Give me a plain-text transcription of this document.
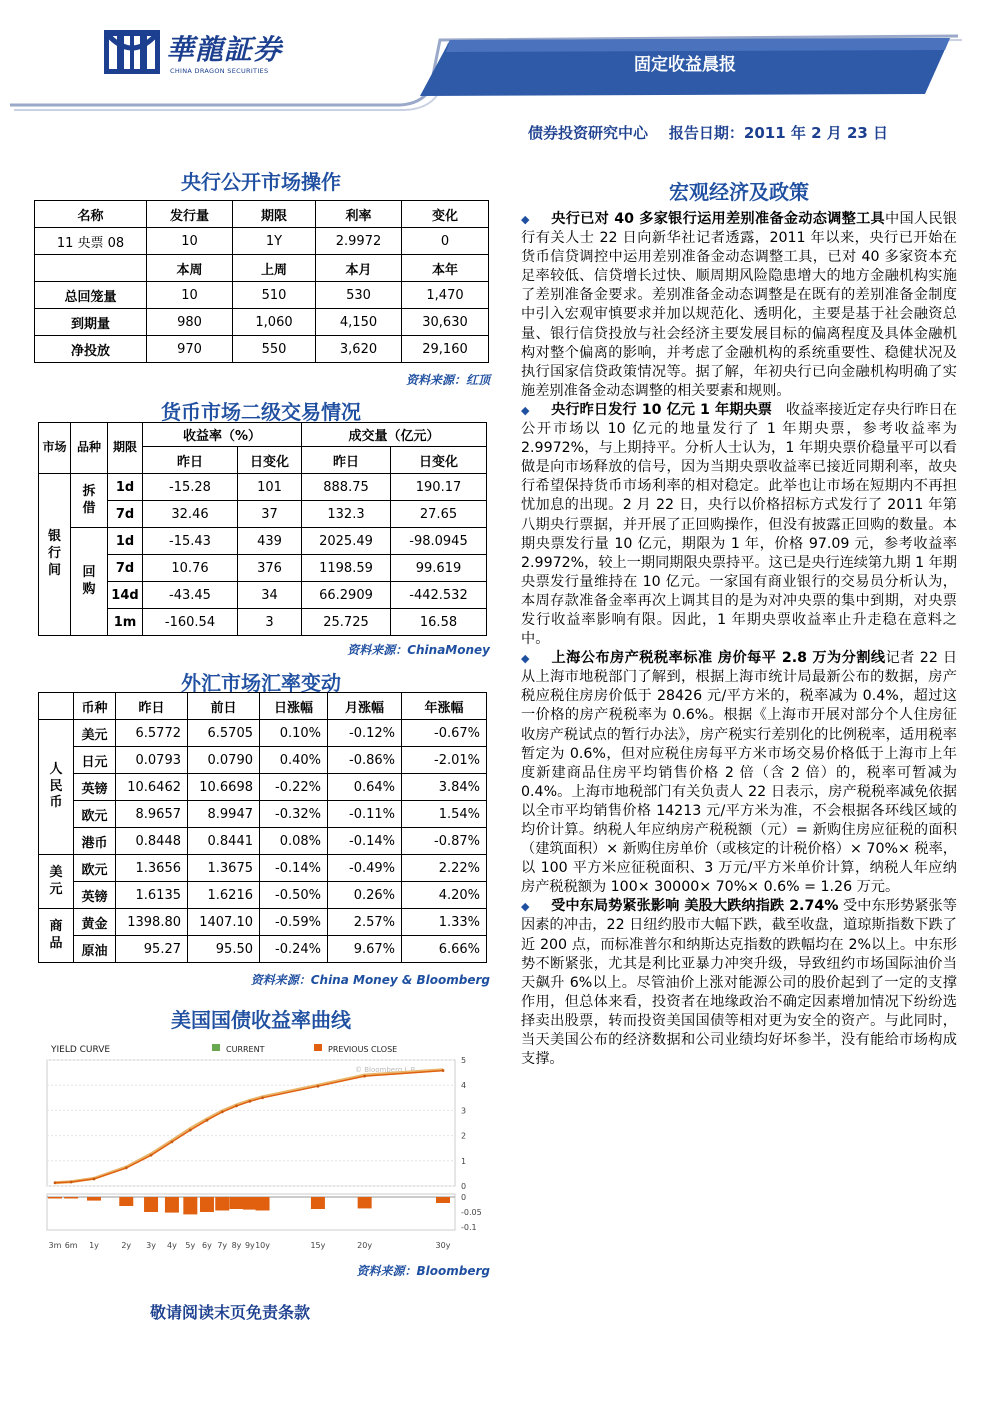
華龍証券
CHINA DRAGON SECURITIES	固定收益晨报
债券投资研究中心    报告日期：2011 年 2 月 23 日
央行公开市场操作
名称	发行量	期限	利率	变化
11 央票 08	10	1Y	2.9972	0
	本周	上周	本月	本年
总回笼量	10	510	530	1,470
到期量	980	1,060	4,150	30,630
净投放	970	550	3,620	29,160
资料来源：红顶
货币市场二级交易情况
市场	品种	期限	收益率（%）		成交量（亿元）	
			昨日	日变化	昨日	日变化

银行间	拆借	1d	-15.28	101	888.75	190.17
		7d	32.46	37	132.3	27.65

	回购	1d	-15.43	439	2025.49	-98.0945
		7d	10.76	376	1198.59	99.619
		14d	-43.45	34	66.2909	-442.532
		1m	-160.54	3	25.725	16.58
资料来源：ChinaMoney
外汇市场汇率变动
	币种	昨日	前日	日涨幅	月涨幅	年涨幅

人民币	美元	6.5772	6.5705	0.10%	-0.12%	-0.67%
	日元	0.0793	0.0790	0.40%	-0.86%	-2.01%
	英镑	10.6462	10.6698	-0.22%	0.64%	3.84%
	欧元	8.9657	8.9947	-0.32%	-0.11%	1.54%
	港币	0.8448	0.8441	0.08%	-0.14%	-0.87%

美元	欧元	1.3656	1.3675	-0.14%	-0.49%	2.22%
	英镑	1.6135	1.6216	-0.50%	0.26%	4.20%

商品	黄金	1398.80	1407.10	-0.59%	2.57%	1.33%
	原油	95.27	95.50	-0.24%	9.67%	6.66%
资料来源：China Money & Bloomberg
美国国债收益率曲线
YIELD CURVE	CURRENT	PREVIOUS CLOSE
0
1
2
3
4
5
© Bloomberg L.P.
0
-0.05
-0.1
3m 6m 1y	2y 3y 4y 5y 6y 7y 8y 9y 10y	15y	20y	30y
资料来源：Bloomberg
敬请阅读末页免责条款
宏观经济及政策

◆ 央行已对 40 多家银行运用差别准备金动态调整工具中国人民银行有关人士 22 日向新华社记者透露，2011 年以来，央行已开始在货币信贷调控中运用差别准备金动态调整工具，已对 40 多家资本充足率较低、信贷增长过快、顺周期风险隐患增大的地方金融机构实施了差别准备金要求。差别准备金动态调整是在既有的差别准备金制度中引入宏观审慎要求并加以规范化、透明化，主要是基于社会融资总量、银行信贷投放与社会经济主要发展目标的偏离程度及具体金融机构对整个偏离的影响，并考虑了金融机构的系统重要性、稳健状况及执行国家信贷政策情况等。据了解，年初央行已向金融机构明确了实施差别准备金动态调整的相关要素和规则。

◆ 央行昨日发行 10 亿元 1 年期央票 收益率接近定存央行昨日在公开市场以 10 亿元的地量发行了 1 年期央票，参考收益率为 2.9972%，与上期持平。分析人士认为，1 年期央票价稳量平可以看做是向市场释放的信号，因为当期央票收益率已接近同期利率，故央行希望保持货币市场利率的相对稳定。此举也让市场在短期内不再担忧加息的出现。2 月 22 日，央行以价格招标方式发行了 2011 年第八期央行票据，并开展了正回购操作，但没有披露正回购的数量。本期央票发行量 10 亿元，期限为 1 年，价格 97.09 元，参考收益率 2.9972%，较上一期同期限央票持平。这已是央行连续第九期 1 年期央票发行量维持在 10 亿元。一家国有商业银行的交易员分析认为，本周存款准备金率再次上调其目的是为对冲央票的集中到期，对央票发行收益率影响有限。因此，1 年期央票收益率止升走稳在意料之中。

◆ 上海公布房产税税率标准 房价每平 2.8 万为分割线记者 22 日从上海市地税部门了解到，根据上海市统计局最新公布的数据，房产税应税住房房价低于 28426 元/平方米的，税率减为 0.4%，超过这一价格的房产税税率为 0.6%。根据《上海市开展对部分个人住房征收房产税试点的暂行办法》，房产税实行差别化的比例税率，适用税率暂定为 0.6%，但对应税住房每平方米市场交易价格低于上海市上年度新建商品住房平均销售价格 2 倍（含 2 倍）的，税率可暂减为 0.4%。上海市地税部门有关负责人 22 日表示，房产税税率减免依据以全市平均销售价格 14213 元/平方米为准，不会根据各环线区域的均价计算。纳税人年应纳房产税税额（元）= 新购住房应征税的面积（建筑面积）× 新购住房单价（或核定的计税价格）× 70%× 税率，以 100 平方米应征税面积、3 万元/平方米单价计算，纳税人年应纳房产税税额为 100× 30000× 70%× 0.6% = 1.26 万元。

◆ 受中东局势紧张影响 美股大跌纳指跌 2.74% 受中东形势紧张等因素的冲击，22 日纽约股市大幅下跌，截至收盘，道琼斯指数下跌了近 200 点，而标准普尔和纳斯达克指数的跌幅均在 2%以上。中东形势不断紧张，尤其是利比亚暴力冲突升级，导致纽约市场国际油价当天飙升 6%以上。尽管油价上涨对能源公司的股价起到了一定的支撑作用，但总体来看，投资者在地缘政治不确定因素增加情况下纷纷选择卖出股票，转而投资美国国债等相对更为安全的资产。与此同时，当天美国公布的经济数据和公司业绩均好坏参半，没有能给市场构成支撑。
